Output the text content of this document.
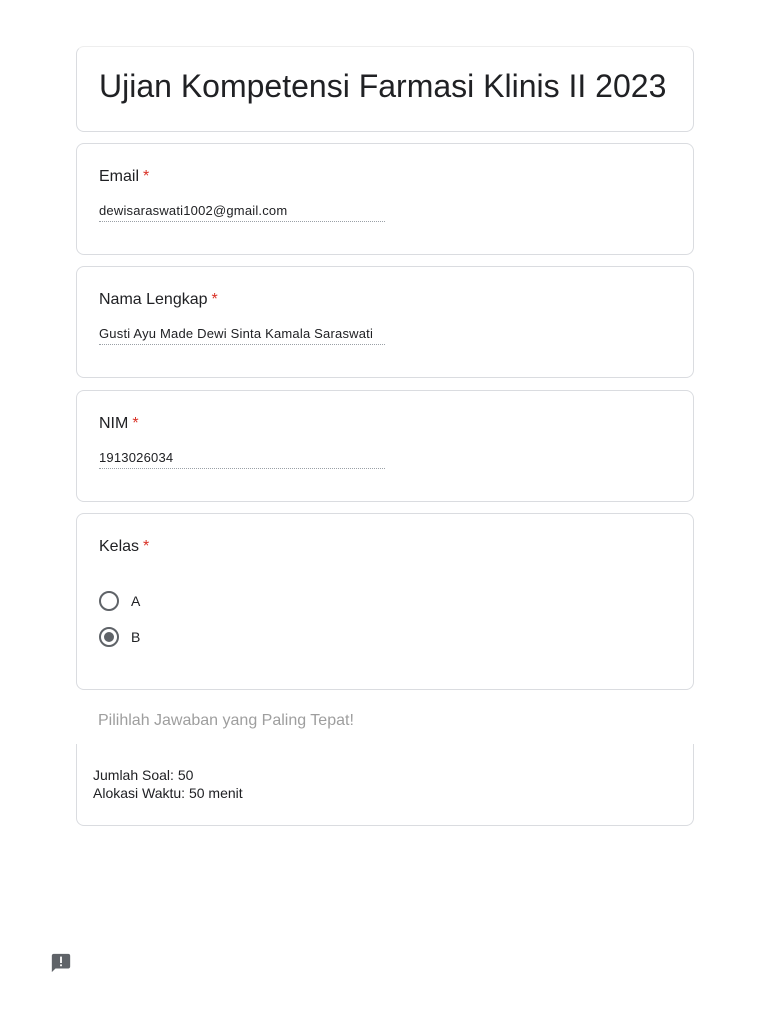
Ujian Kompetensi Farmasi Klinis II 2023
Email *
dewisaraswati1002@gmail.com
Nama Lengkap *
Gusti Ayu Made Dewi Sinta Kamala Saraswati
NIM *
1913026034
Kelas *
A
B
Pilihlah Jawaban yang Paling Tepat!
Jumlah Soal: 50
Alokasi Waktu: 50 menit
